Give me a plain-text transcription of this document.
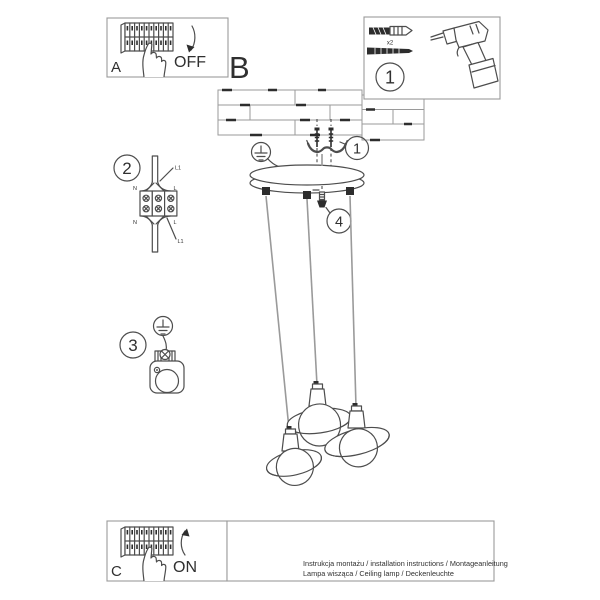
A	OFF B
x2
1
1
4
2	L1
N	L
N	L
L1
3
C	ON	Instrukcja montażu / installation instructions / Montageanleitung
Lampa wisząca / Ceiling lamp / Deckenleuchte
